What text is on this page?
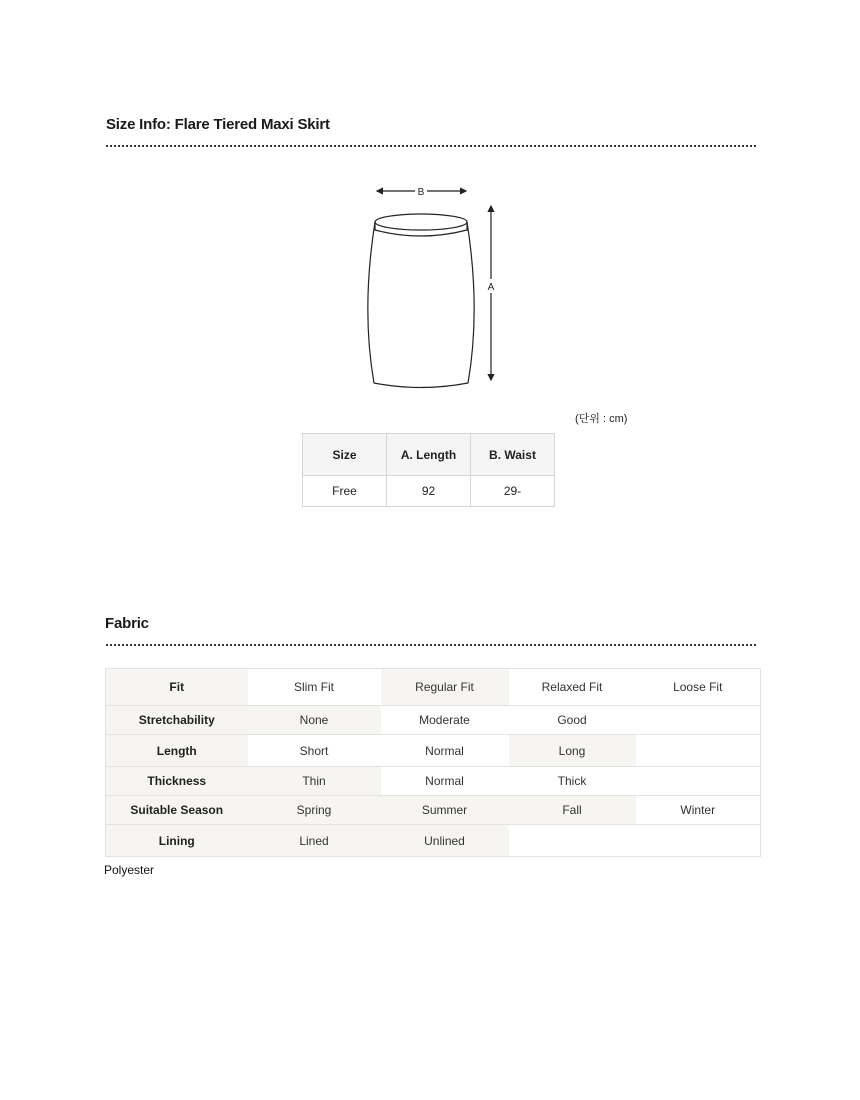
Size Info: Flare Tiered Maxi Skirt
B
A
(단위 : cm)
Size	A. Length	B. Waist
Free	92	29-
Fabric
Fit	Slim Fit	Regular Fit	Relaxed Fit	Loose Fit
Stretchability	None	Moderate	Good	
Length	Short	Normal	Long	
Thickness	Thin	Normal	Thick	
Suitable Season	Spring	Summer	Fall	Winter
Lining	Lined	Unlined		
Polyester
